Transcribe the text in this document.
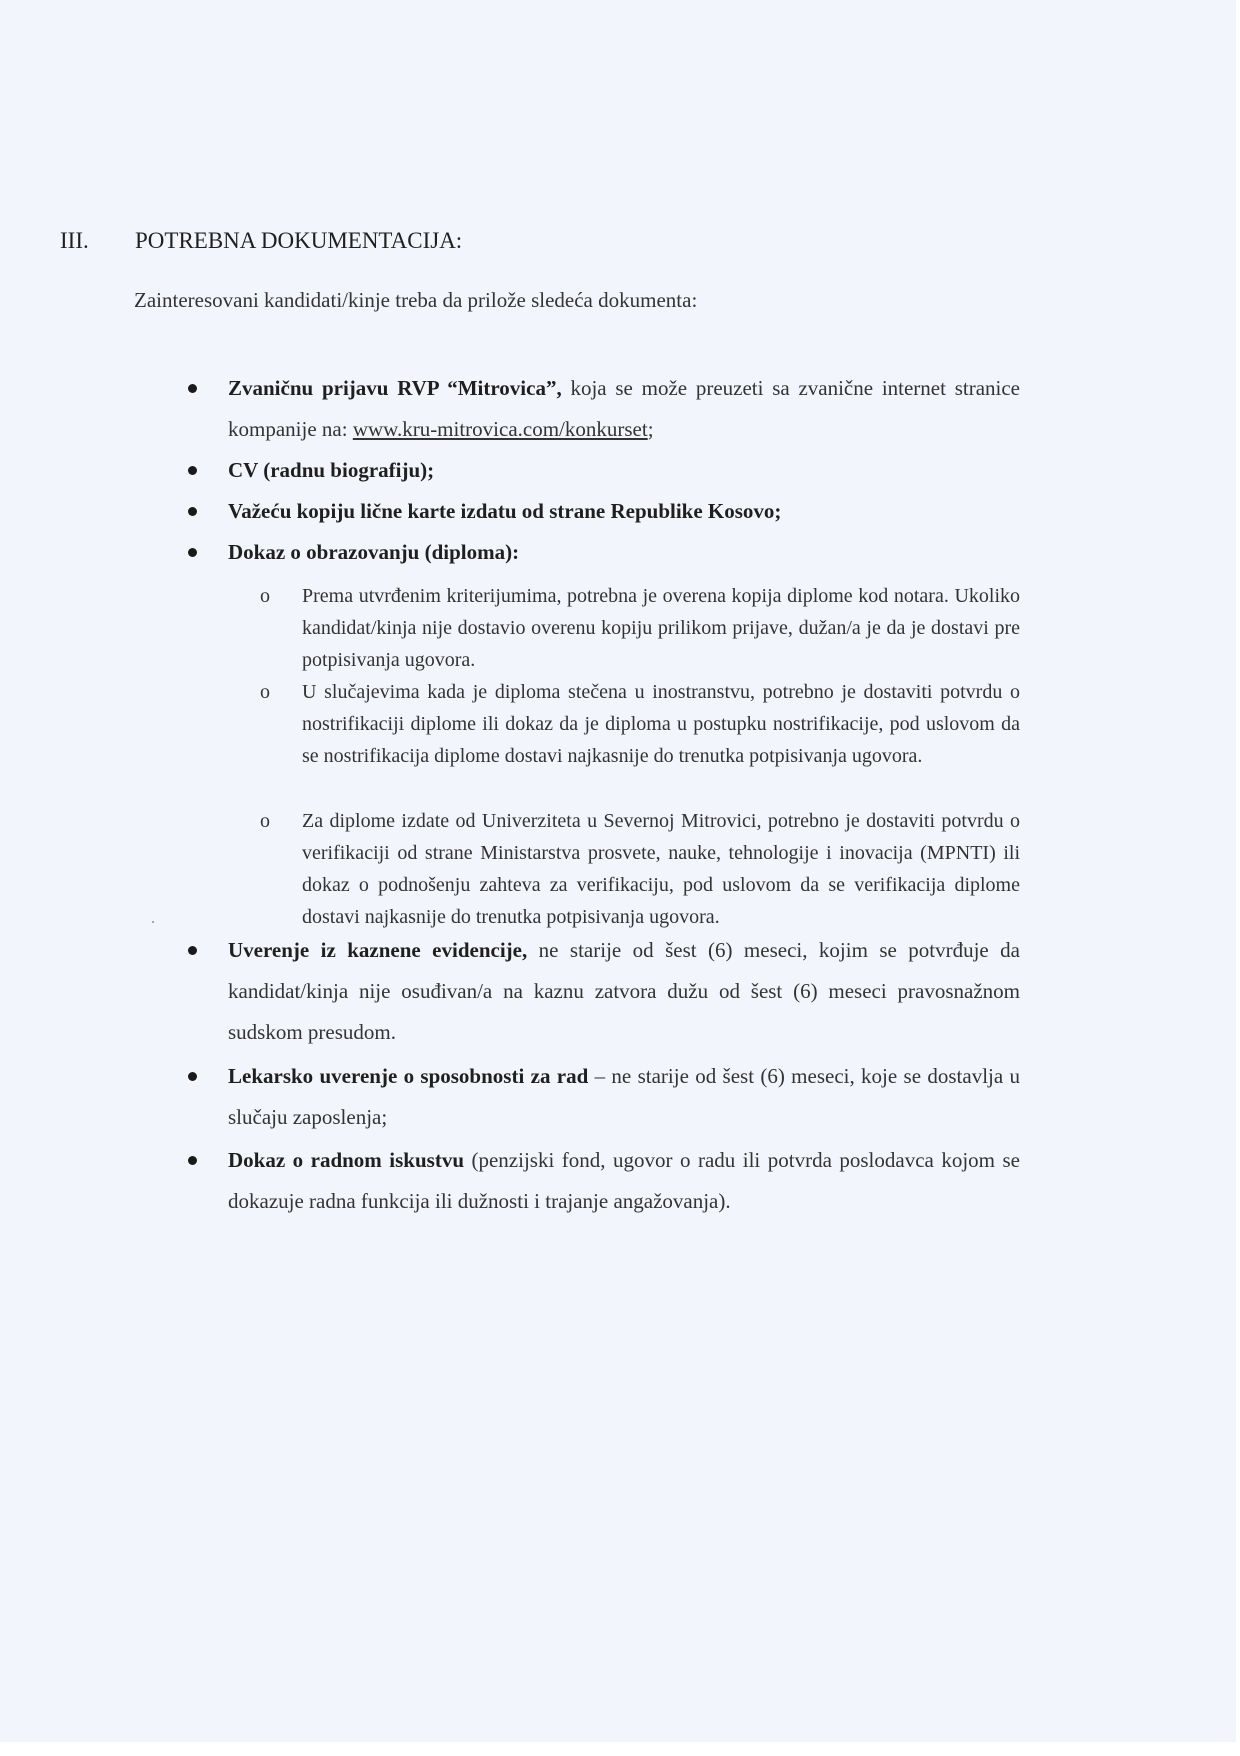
III.	POTREBNA DOKUMENTACIJA:
Zainteresovani kandidati/kinje treba da prilože sledeća dokumenta:
Zvaničnu prijavu RVP “Mitrovica”, koja se može preuzeti sa zvanične internet stranice kompanije na: www.kru-mitrovica.com/konkurset;
CV (radnu biografiju);
Važeću kopiju lične karte izdatu od strane Republike Kosovo;
Dokaz o obrazovanju (diploma):
o Prema utvrđenim kriterijumima, potrebna je overena kopija diplome kod notara. Ukoliko kandidat/kinja nije dostavio overenu kopiju prilikom prijave, dužan/a je da je dostavi pre potpisivanja ugovora.
o U slučajevima kada je diploma stečena u inostranstvu, potrebno je dostaviti potvrdu o nostrifikaciji diplome ili dokaz da je diploma u postupku nostrifikacije, pod uslovom da se nostrifikacija diplome dostavi najkasnije do trenutka potpisivanja ugovora.
o Za diplome izdate od Univerziteta u Severnoj Mitrovici, potrebno je dostaviti potvrdu o verifikaciji od strane Ministarstva prosvete, nauke, tehnologije i inovacija (MPNTI) ili dokaz o podnošenju zahteva za verifikaciju, pod uslovom da se verifikacija diplome dostavi najkasnije do trenutka potpisivanja ugovora.
Uverenje iz kaznene evidencije, ne starije od šest (6) meseci, kojim se potvrđuje da kandidat/kinja nije osuđivan/a na kaznu zatvora dužu od šest (6) meseci pravosnažnom sudskom presudom.
Lekarsko uverenje o sposobnosti za rad – ne starije od šest (6) meseci, koje se dostavlja u slučaju zaposlenja;
Dokaz o radnom iskustvu (penzijski fond, ugovor o radu ili potvrda poslodavca kojom se dokazuje radna funkcija ili dužnosti i trajanje angažovanja).
